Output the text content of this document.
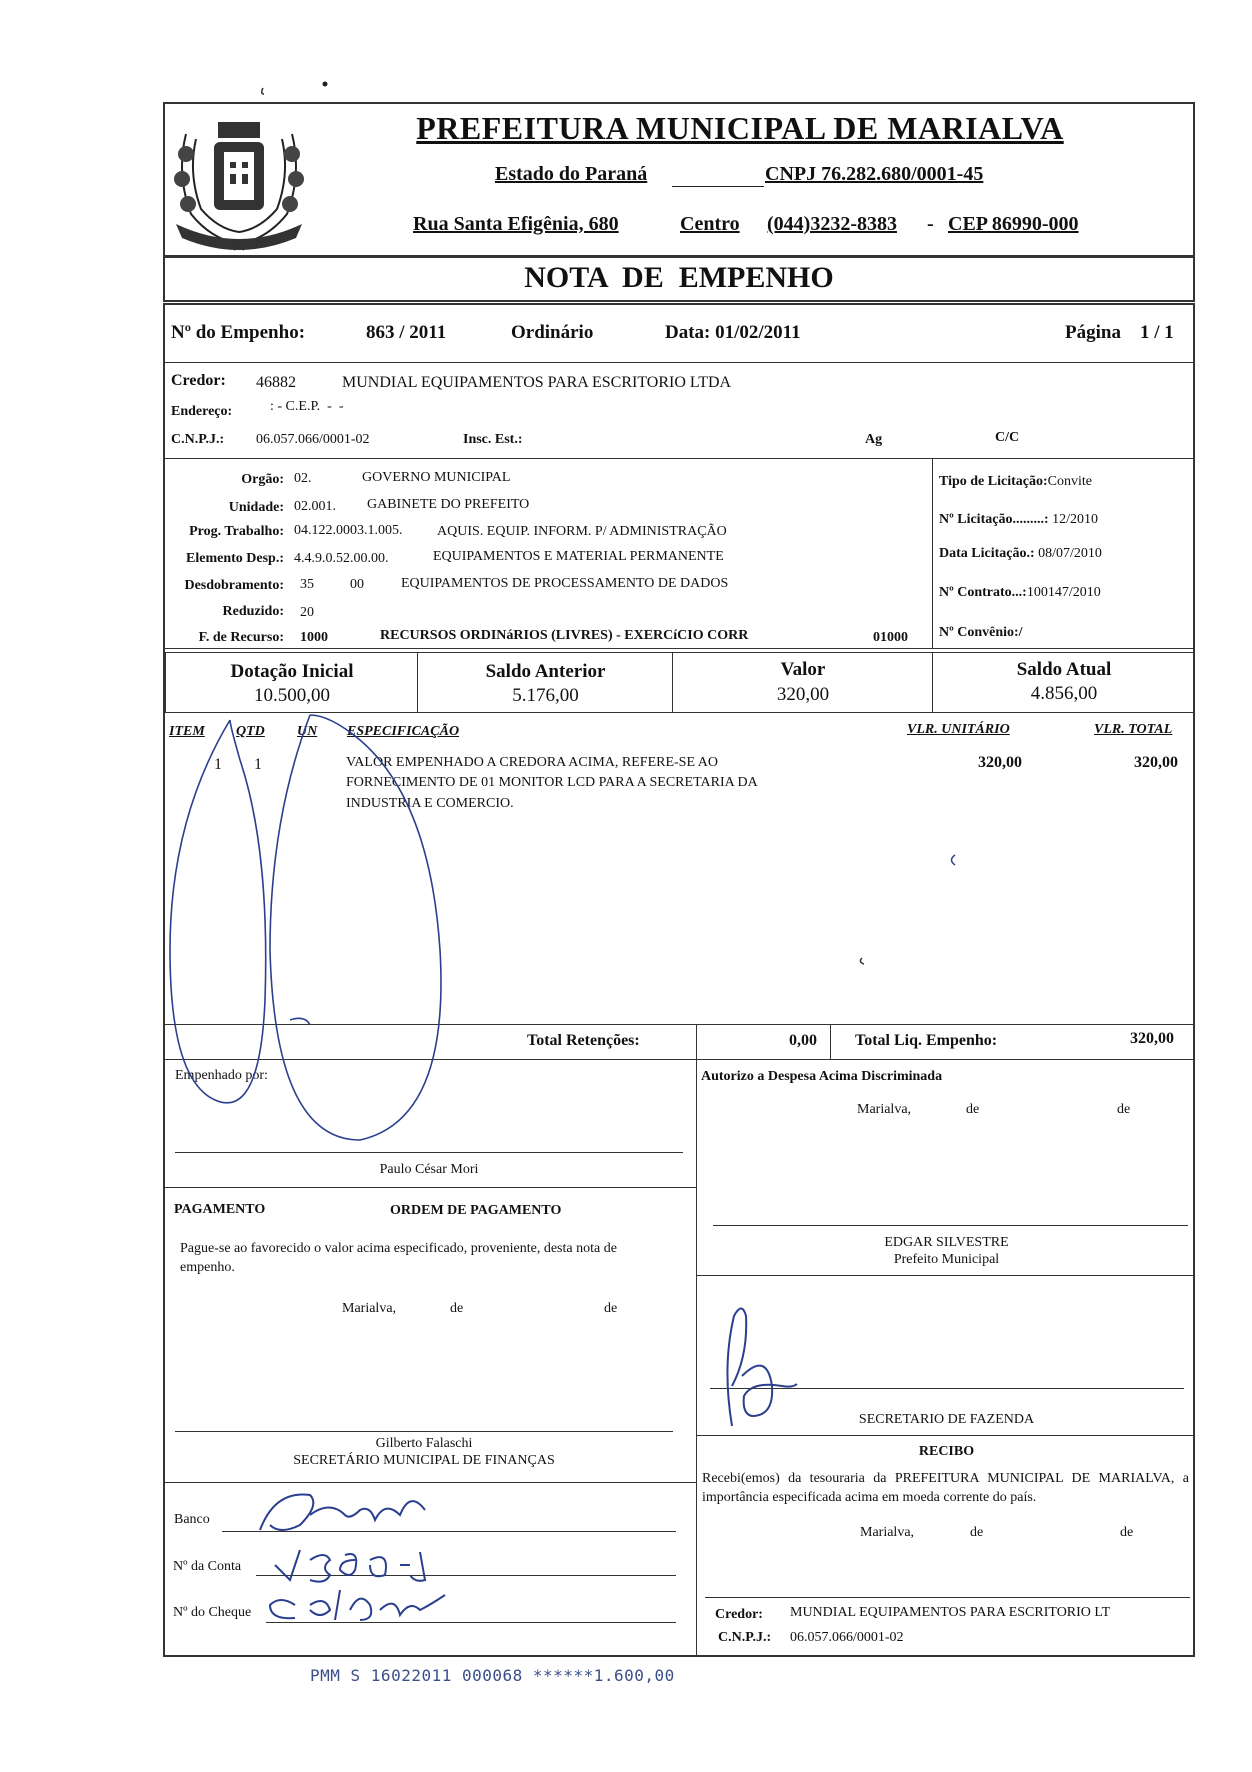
PREFEITURA MUNICIPAL DE MARIALVA
Estado do Paraná	CNPJ 76.282.680/0001-45
Rua Santa Efigênia, 680	Centro (044)3232-8383 - CEP 86990-000
NOTA  DE  EMPENHO
Nº do Empenho:	863 / 2011	Ordinário	Data: 01/02/2011	Página 1 / 1
Credor: 46882	MUNDIAL EQUIPAMENTOS PARA ESCRITORIO LTDA
Endereço:	: - C.E.P.  -  -
C.N.P.J.: 06.057.066/0001-02	Insc. Est.:	Ag	C/C
Orgão: 02.	GOVERNO MUNICIPAL
Unidade: 02.001. GABINETE DO PREFEITO
Prog. Trabalho: 04.122.0003.1.005. AQUIS. EQUIP. INFORM. P/ ADMINISTRAÇÃO
Elemento Desp.: 4.4.9.0.52.00.00.	EQUIPAMENTOS E MATERIAL PERMANENTE
Desdobramento: 35	00	EQUIPAMENTOS DE PROCESSAMENTO DE DADOS
Reduzido: 20
F. de Recurso: 1000	RECURSOS ORDINáRIOS (LIVRES) - EXERCíCIO CORR	01000
Tipo de Licitação:Convite
Nº Licitação.........: 12/2010
Data Licitação.: 08/07/2010
Nº Contrato...:100147/2010
Nº Convênio:/
Dotação Inicial
10.500,00
Saldo Anterior
5.176,00
Valor
320,00
Saldo Atual
4.856,00
ITEM QTD UN ESPECIFICAÇÃO	VLR. UNITÁRIO	VLR. TOTAL
1 1	VALOR EMPENHADO A CREDORA ACIMA, REFERE-SE AO
FORNECIMENTO DE 01 MONITOR LCD PARA A SECRETARIA DA
INDUSTRIA E COMERCIO.
320,00	320,00
Total Retenções:	0,00 Total Liq. Empenho:	320,00
Empenhado por:
Paulo César Mori
Autorizo a Despesa Acima Discriminada
Marialva,	de	de
EDGAR SILVESTRE
Prefeito Municipal
PAGAMENTO	ORDEM DE PAGAMENTO
Pague-se ao favorecido o valor acima especificado, proveniente, desta nota de empenho.
Marialva,	de	de
Gilberto Falaschi
SECRETÁRIO MUNICIPAL DE FINANÇAS
SECRETARIO DE FAZENDA
RECIBO
Recebi(emos) da tesouraria da PREFEITURA MUNICIPAL DE MARIALVA, a importância especificada acima em moeda corrente do país.
Marialva,	de	de
Credor: MUNDIAL EQUIPAMENTOS PARA ESCRITORIO LT
C.N.P.J.: 06.057.066/0001-02
Banco
Nº da Conta
Nº do Cheque
PMM S 16022011 000068 ******1.600,00
